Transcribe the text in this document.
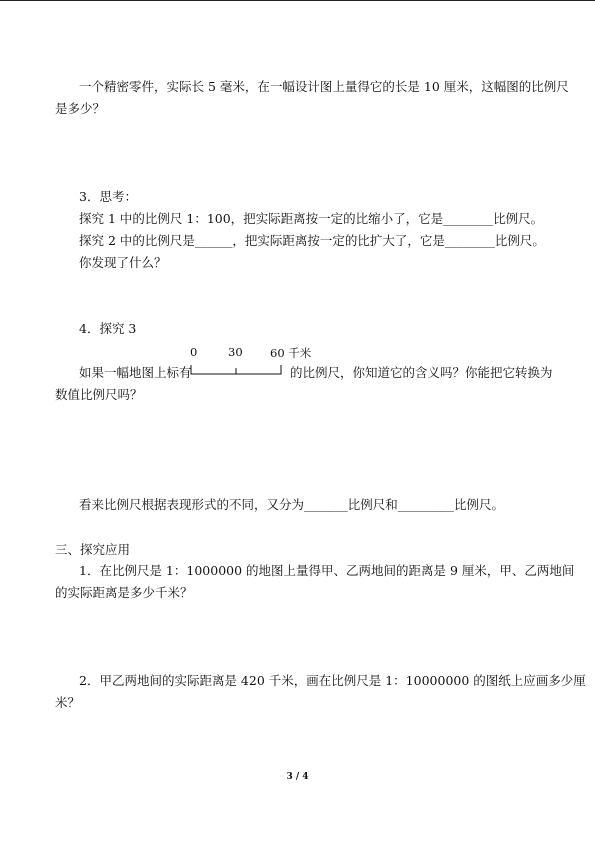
一个精密零件，实际长 5 毫米，在一幅设计图上量得它的长是 10 厘米，这幅图的比例尺
是多少？
3．思考：
探究 1 中的比例尺 1：100，把实际距离按一定的比缩小了，它是________比例尺。
探究 2 中的比例尺是______，把实际距离按一定的比扩大了，它是________比例尺。
你发现了什么？
4．探究 3
0	30 60 千米
如果一幅地图上标有	的比例尺，你知道它的含义吗？你能把它转换为
数值比例尺吗？
看来比例尺根据表现形式的不同，又分为_______比例尺和_________比例尺。
三、探究应用
1．在比例尺是 1：1000000 的地图上量得甲、乙两地间的距离是 9 厘米，甲、乙两地间
的实际距离是多少千米？
2．甲乙两地间的实际距离是 420 千米，画在比例尺是 1：10000000 的图纸上应画多少厘
米？
3 / 4
